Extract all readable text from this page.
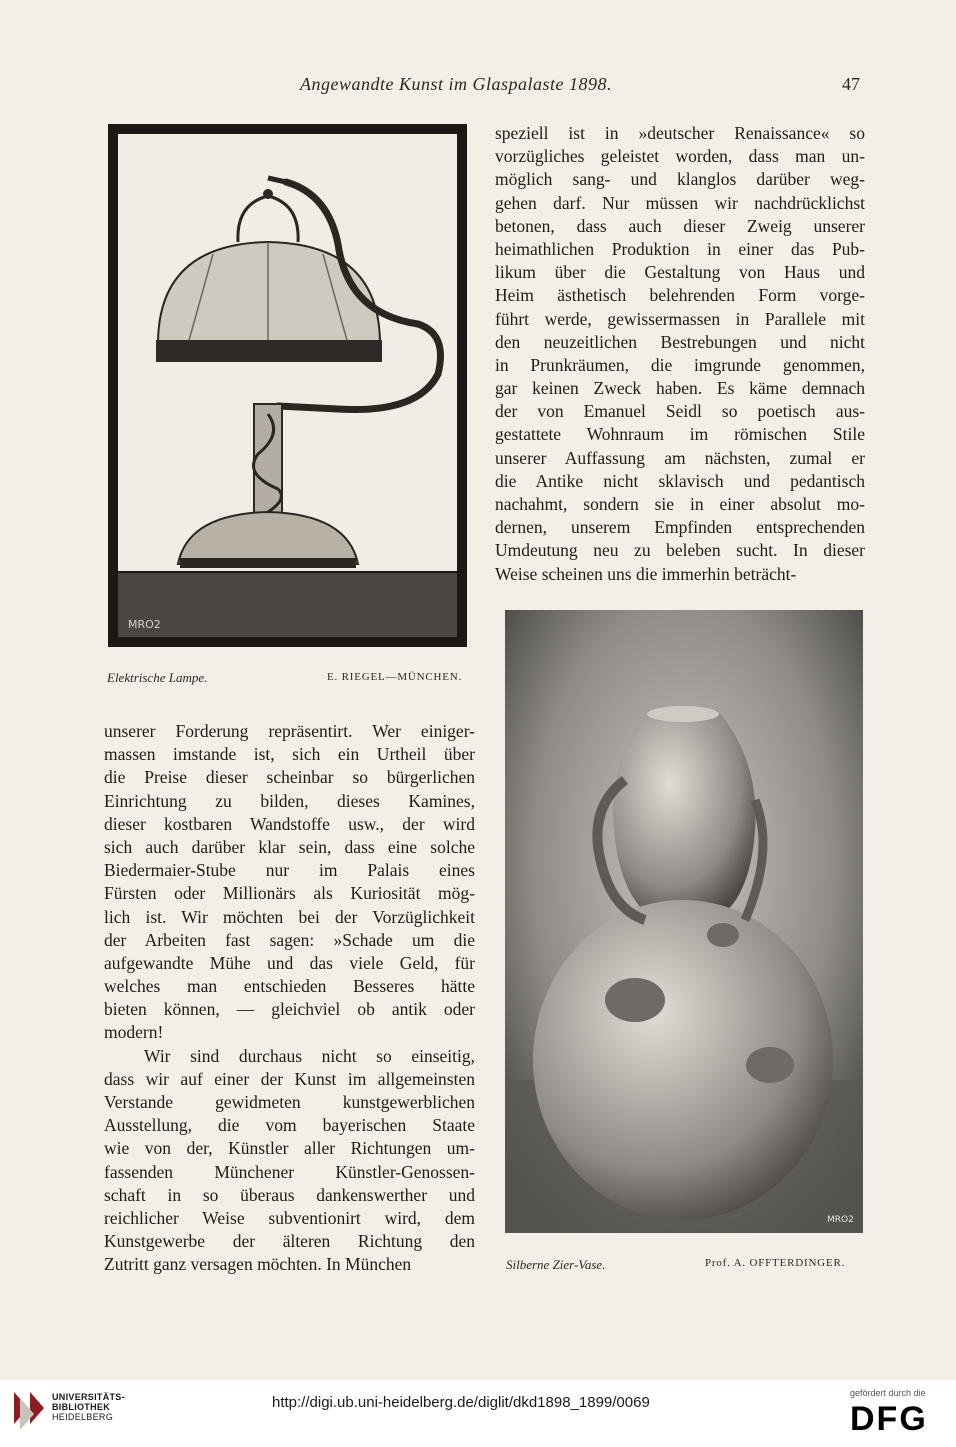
Angewandte Kunst im Glaspalaste 1898.	47
MRO2
Elektrische Lampe.	E. RIEGEL—MÜNCHEN.
speziell ist in »deutscher Renaissance« so
vorzügliches geleistet worden, dass man un-
möglich sang- und klanglos darüber weg-
gehen darf. Nur müssen wir nachdrücklichst
betonen, dass auch dieser Zweig unserer
heimathlichen Produktion in einer das Pub-
likum über die Gestaltung von Haus und
Heim ästhetisch belehrenden Form vorge-
führt werde, gewissermassen in Parallele mit
den neuzeitlichen Bestrebungen und nicht
in Prunkräumen, die imgrunde genommen,
gar keinen Zweck haben. Es käme demnach
der von Emanuel Seidl so poetisch aus-
gestattete Wohnraum im römischen Stile
unserer Auffassung am nächsten, zumal er
die Antike nicht sklavisch und pedantisch
nachahmt, sondern sie in einer absolut mo-
dernen, unserem Empfinden entsprechenden
Umdeutung neu zu beleben sucht. In dieser
Weise scheinen uns die immerhin beträcht-
MRO2
Silberne Zier-Vase.	Prof. A. OFFTERDINGER.
unserer Forderung repräsentirt. Wer einiger-
massen imstande ist, sich ein Urtheil über
die Preise dieser scheinbar so bürgerlichen
Einrichtung zu bilden, dieses Kamines,
dieser kostbaren Wandstoffe usw., der wird
sich auch darüber klar sein, dass eine solche
Biedermaier-Stube nur im Palais eines
Fürsten oder Millionärs als Kuriosität mög-
lich ist. Wir möchten bei der Vorzüglichkeit
der Arbeiten fast sagen: »Schade um die
aufgewandte Mühe und das viele Geld, für
welches man entschieden Besseres hätte
bieten können, — gleichviel ob antik oder
modern!
Wir sind durchaus nicht so einseitig,
dass wir auf einer der Kunst im allgemeinsten
Verstande gewidmeten kunstgewerblichen
Ausstellung, die vom bayerischen Staate
wie von der, Künstler aller Richtungen um-
fassenden Münchener Künstler-Genossen-
schaft in so überaus dankenswerther und
reichlicher Weise subventionirt wird, dem
Kunstgewerbe der älteren Richtung den
Zutritt ganz versagen möchten. In München
UNIVERSITÄTS-
BIBLIOTHEK
HEIDELBERG
http://digi.ub.uni-heidelberg.de/diglit/dkd1898_1899/0069
gefördert durch die
DFG
